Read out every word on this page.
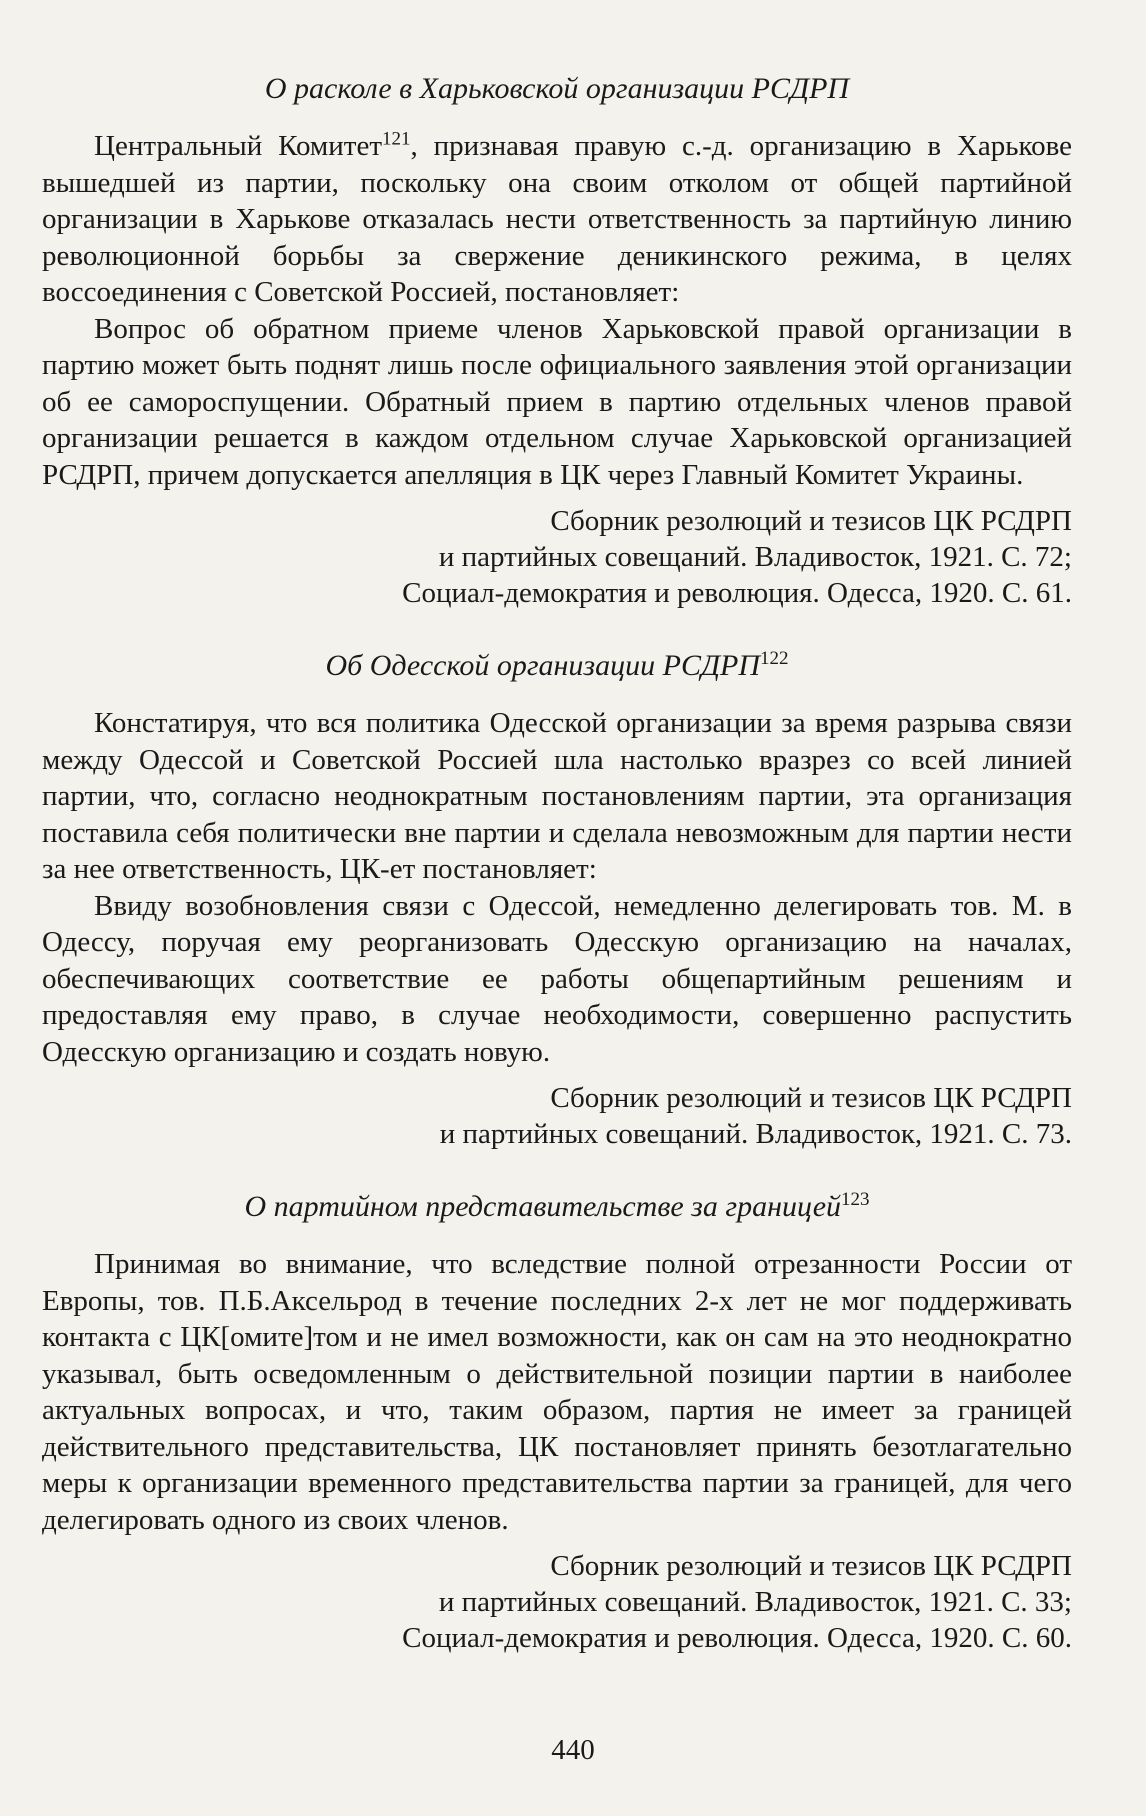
О расколе в Харьковской организации РСДРП

Центральный Комитет$^{121}$, признавая правую с.-д. организацию в Харькове вышедшей из партии, поскольку она своим отколом от общей партийной организации в Харькове отказалась нести ответственность за партийную линию революционной борьбы за свержение деникинского режима, в целях воссоединения с Советской Россией, постановляет:

Вопрос об обратном приеме членов Харьковской правой организации в партию может быть поднят лишь после официального заявления этой организации об ее самороспущении. Обратный прием в партию отдельных членов правой организации решается в каждом отдельном случае Харьковской организацией РСДРП, причем допускается апелляция в ЦК через Главный Комитет Украины.

Сборник резолюций и тезисов ЦК РСДРП
и партийных совещаний. Владивосток, 1921. С. 72;
Социал-демократия и революция. Одесса, 1920. С. 61.
Об Одесской организации РСДРП$^{122}$

Констатируя, что вся политика Одесской организации за время разрыва связи между Одессой и Советской Россией шла настолько вразрез со всей линией партии, что, согласно неоднократным постановлениям партии, эта организация поставила себя политически вне партии и сделала невозможным для партии нести за нее ответственность, ЦК-ет постановляет:

Ввиду возобновления связи с Одессой, немедленно делегировать тов. М. в Одессу, поручая ему реорганизовать Одесскую организацию на началах, обеспечивающих соответствие ее работы общепартийным решениям и предоставляя ему право, в случае необходимости, совершенно распустить Одесскую организацию и создать новую.

Сборник резолюций и тезисов ЦК РСДРП
и партийных совещаний. Владивосток, 1921. С. 73.
О партийном представительстве за границей$^{123}$

Принимая во внимание, что вследствие полной отрезанности России от Европы, тов. П.Б.Аксельрод в течение последних 2-х лет не мог поддерживать контакта с ЦК[омите]том и не имел возможности, как он сам на это неоднократно указывал, быть осведомленным о действительной позиции партии в наиболее актуальных вопросах, и что, таким образом, партия не имеет за границей действительного представительства, ЦК постановляет принять безотлагательно меры к организации временного представительства партии за границей, для чего делегировать одного из своих членов.

Сборник резолюций и тезисов ЦК РСДРП
и партийных совещаний. Владивосток, 1921. С. 33;
Социал-демократия и революция. Одесса, 1920. С. 60.
440
